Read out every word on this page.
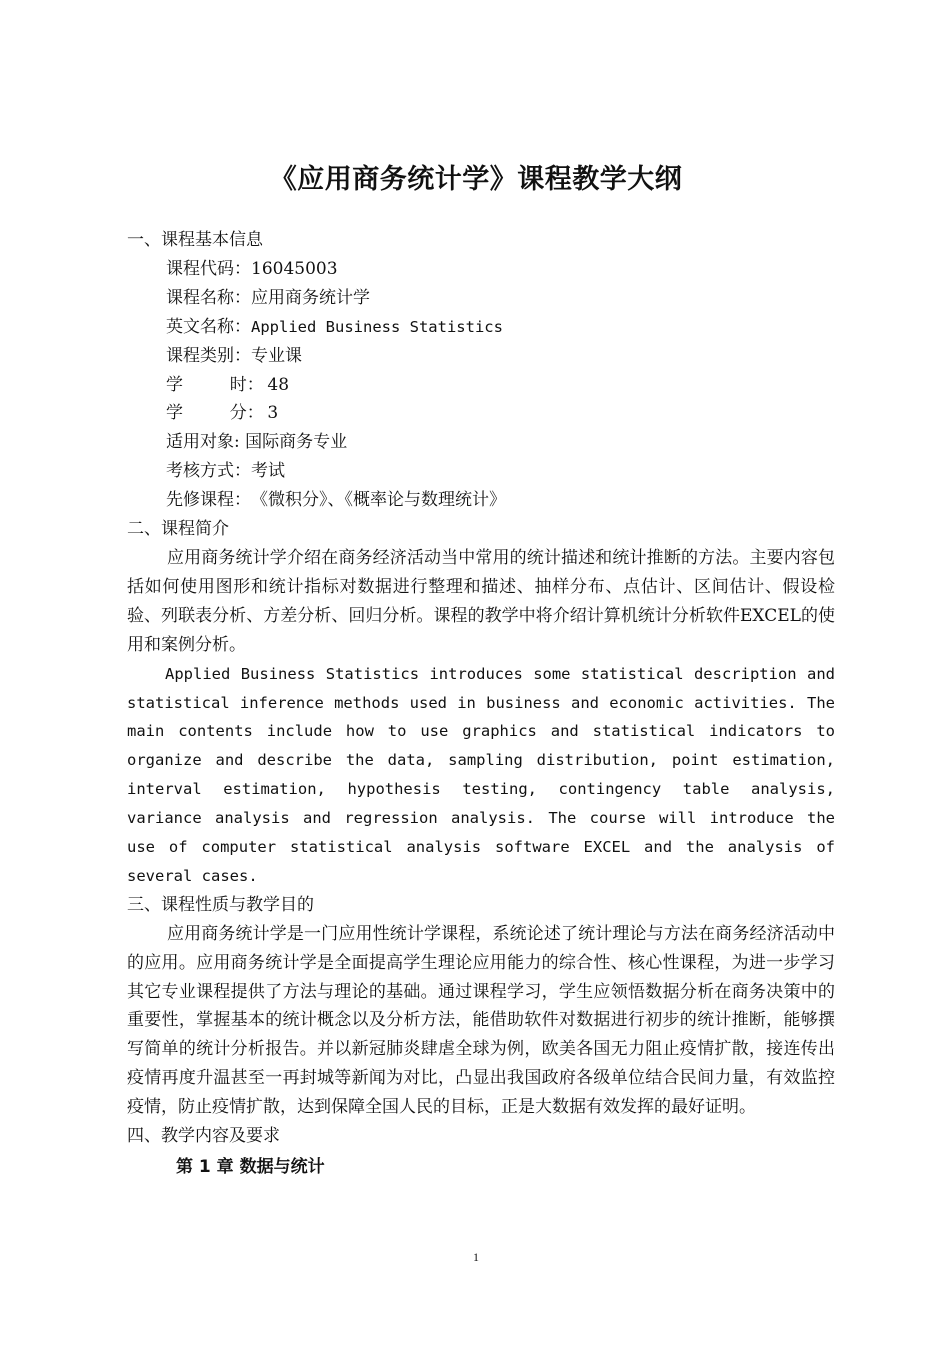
《应用商务统计学》课程教学大纲
一、课程基本信息
课程代码：16045003
课程名称：应用商务统计学
英文名称：Applied Business Statistics
课程类别：专业课
学  时： 48
学  分： 3
适用对象: 国际商务专业
考核方式：考试
先修课程：《微积分》、《概率论与数理统计》
二、课程简介

应用商务统计学介绍在商务经济活动当中常用的统计描述和统计推断的方法。主要内容包括如何使用图形和统计指标对数据进行整理和描述、抽样分布、点估计、区间估计、假设检验、列联表分析、方差分析、回归分析。课程的教学中将介绍计算机统计分析软件EXCEL的使用和案例分析。

Applied Business Statistics introduces some statistical description and statistical inference methods used in business and economic activities. The main contents include how to use graphics and statistical indicators to organize and describe the data, sampling distribution, point estimation, interval estimation, hypothesis testing, contingency table analysis, variance analysis and regression analysis. The course will introduce the use of computer statistical analysis software EXCEL and the analysis of several cases.

三、课程性质与教学目的

应用商务统计学是一门应用性统计学课程，系统论述了统计理论与方法在商务经济活动中的应用。应用商务统计学是全面提高学生理论应用能力的综合性、核心性课程，为进一步学习其它专业课程提供了方法与理论的基础。通过课程学习，学生应领悟数据分析在商务决策中的重要性，掌握基本的统计概念以及分析方法，能借助软件对数据进行初步的统计推断，能够撰写简单的统计分析报告。并以新冠肺炎肆虐全球为例，欧美各国无力阻止疫情扩散，接连传出疫情再度升温甚至一再封城等新闻为对比，凸显出我国政府各级单位结合民间力量，有效监控疫情，防止疫情扩散，达到保障全国人民的目标，正是大数据有效发挥的最好证明。

四、教学内容及要求
第 1 章 数据与统计
1
